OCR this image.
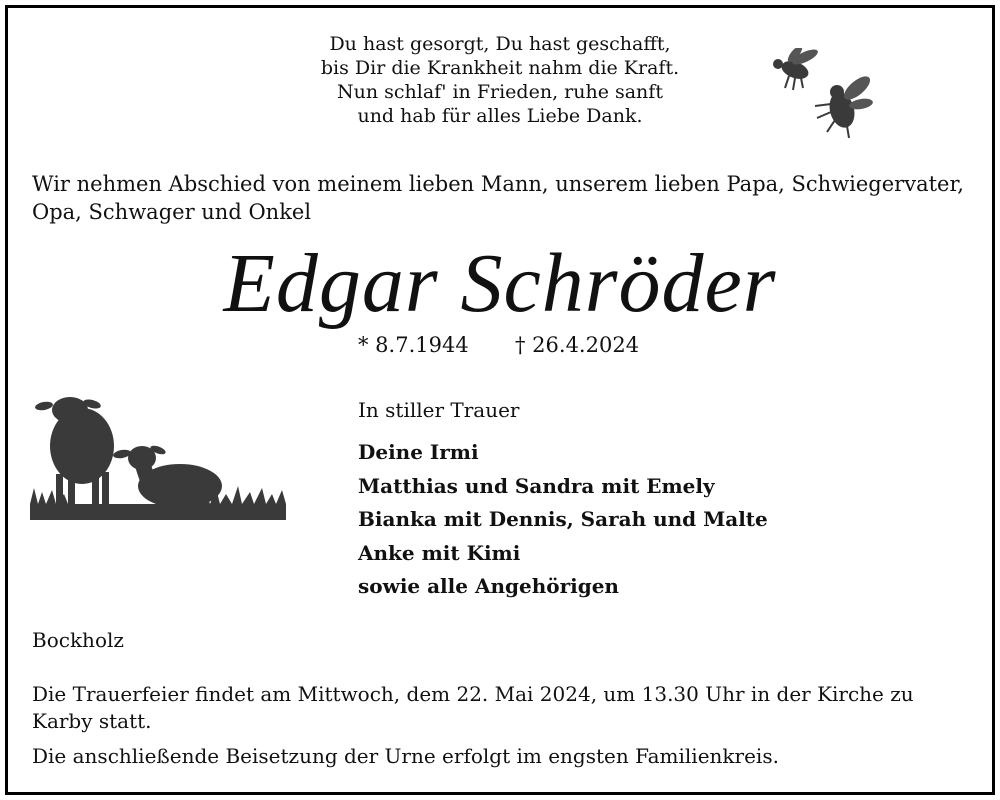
Du hast gesorgt, Du hast geschafft,
bis Dir die Krankheit nahm die Kraft.
Nun schlaf' in Frieden, ruhe sanft
und hab für alles Liebe Dank.
Wir nehmen Abschied von meinem lieben Mann, unserem lieben Papa, Schwiegervater, Opa, Schwager und Onkel
Edgar Schröder
* 8.7.1944 † 26.4.2024
In stiller Trauer
Deine Irmi
Matthias und Sandra mit Emely
Bianka mit Dennis, Sarah und Malte
Anke mit Kimi
sowie alle Angehörigen
Bockholz
Die Trauerfeier findet am Mittwoch, dem 22. Mai 2024, um 13.30 Uhr in der Kirche zu Karby statt.
Die anschließende Beisetzung der Urne erfolgt im engsten Familienkreis.
